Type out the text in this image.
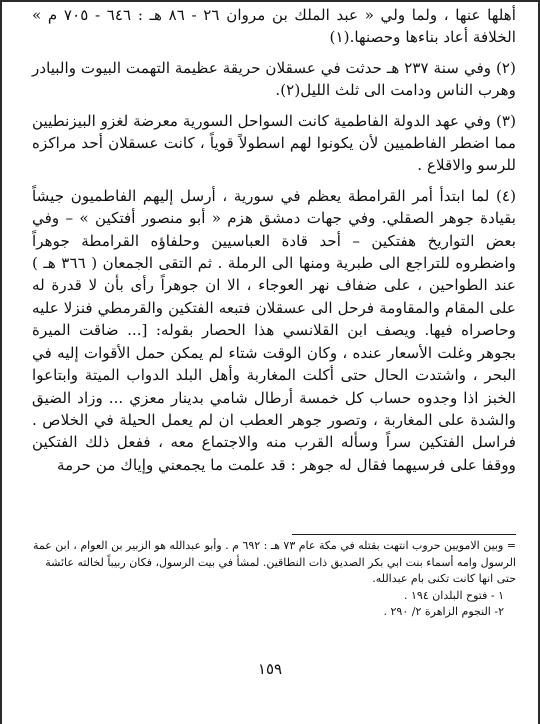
أهلها عنها ، ولما ولي « عبد الملك بن مروان ٢٦ - ٨٦ هـ : ٦٤٦ - ٧٠٥ م » الخلافة أعاد بناءها وحصنها.(١)

(٢) وفي سنة ٢٣٧ هـ حدثت في عسقلان حريقة عظيمة التهمت البيوت والبيادر وهرب الناس ودامت الى ثلث الليل(٢).

(٣) وفي عهد الدولة الفاطمية كانت السواحل السورية معرضة لغزو البيزنطيين مما اضطر الفاطميين لأن يكونوا لهم اسطولاً قوياً ، كانت عسقلان أحد مراكزه للرسو والاقلاع .

(٤) لما ابتدأ أمر القرامطة يعظم في سورية ، أرسل إليهم الفاطميون جيشاً بقيادة جوهر الصقلي. وفي جهات دمشق هزم « أبو منصور أفتكين » – وفي بعض التواريخ هفتكين – أحد قادة العباسيين وحلفاؤه القرامطة جوهراً واضطروه للتراجع الى طبرية ومنها الى الرملة . ثم التقى الجمعان ( ٣٦٦ هـ ) عند الطواحين ، على ضفاف نهر العوجاء ، الا ان جوهراً رأى بأن لا قدرة له على المقام والمقاومة فرحل الى عسقلان فتبعه الفتكين والقرمطي فنزلا عليه وحاصراه فيها. ويصف ابن القلانسي هذا الحصار بقوله: [... ضاقت الميرة بجوهر وغلت الأسعار عنده ، وكان الوقت شتاء لم يمكن حمل الأقوات إليه في البحر ، واشتدت الحال حتى أكلت المغاربة وأهل البلد الدواب الميتة وابتاعوا الخبز اذا وجدوه حساب كل خمسة أرطال شامي بدينار معزي ... وزاد الضيق والشدة على المغاربة ، وتصور جوهر العطب ان لم يعمل الحيلة في الخلاص . فراسل الفتكين سراً وسأله القرب منه والاجتماع معه ، ففعل ذلك الفتكين ووقفا على فرسيهما فقال له جوهر : قد علمت ما يجمعني وإياك من حرمة

= وبين الامويين حروب انتهت بقتله في مكة عام ٧٣ هـ : ٦٩٢ م . وأبو عبدالله هو الزبير بن العوام ، ابن عمة الرسول وامه أسماء بنت ابي بكر الصديق ذات النطاقين. لمشأ في بيت الرسول، فكان ربيباً لخالته عائشة حتى انها كانت تكنى بام عبدالله.

١ - فتوح البلدان ١٩٤ .

٢- النجوم الزاهرة ٢/ ٢٩٠ .

١٥٩
